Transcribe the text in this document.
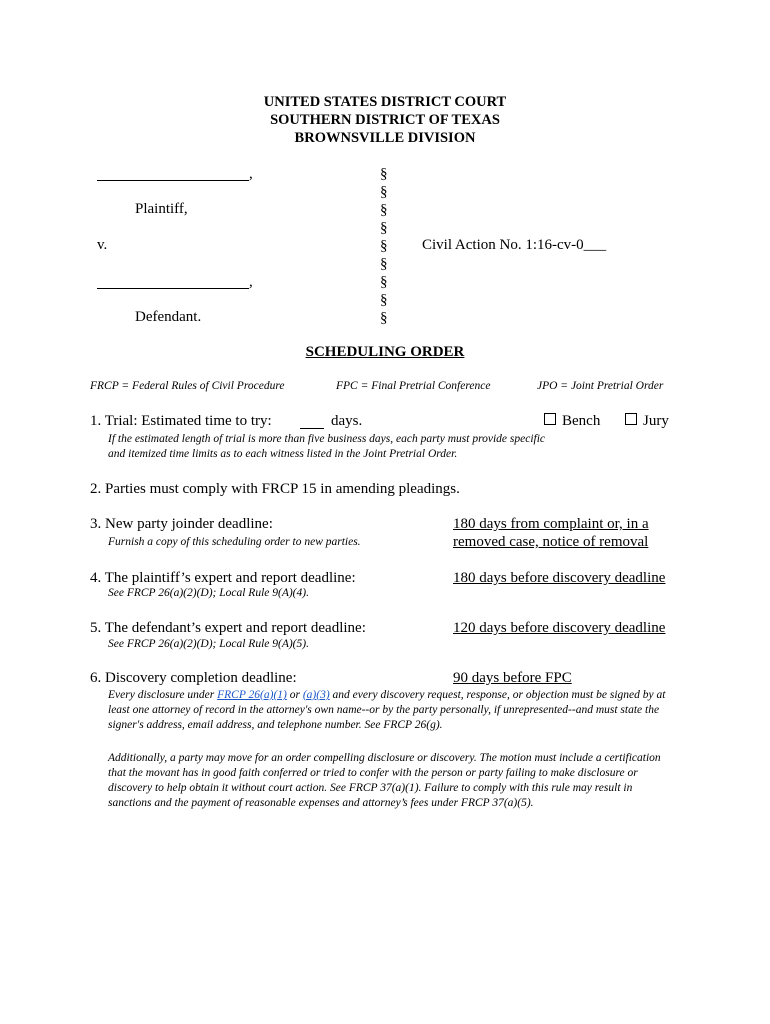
UNITED STATES DISTRICT COURT
SOUTHERN DISTRICT OF TEXAS
BROWNSVILLE DIVISION
,
Plaintiff,
v.
,
Defendant.
§
§
§
§
§
§
§
§
§
Civil Action No. 1:16-cv-0___
SCHEDULING ORDER
FRCP = Federal Rules of Civil Procedure	FPC = Final Pretrial Conference	JPO = Joint Pretrial Order
1. Trial: Estimated time to try:	days.	Bench	Jury
If the estimated length of trial is more than five business days, each party must provide specific
and itemized time limits as to each witness listed in the Joint Pretrial Order.
2. Parties must comply with FRCP 15 in amending pleadings.
3. New party joinder deadline:
Furnish a copy of this scheduling order to new parties.
180 days from complaint or, in a
removed case, notice of removal
4. The plaintiff’s expert and report deadline:
See FRCP 26(a)(2)(D); Local Rule 9(A)(4).
180 days before discovery deadline
5. The defendant’s expert and report deadline:
See FRCP 26(a)(2)(D); Local Rule 9(A)(5).
120 days before discovery deadline
6. Discovery completion deadline:	90 days before FPC
Every disclosure under FRCP 26(a)(1) or (a)(3) and every discovery request, response, or objection must be signed by at least one attorney of record in the attorney's own name--or by the party personally, if unrepresented--and must state the signer's address, email address, and telephone number. See FRCP 26(g).
Additionally, a party may move for an order compelling disclosure or discovery. The motion must include a certification that the movant has in good faith conferred or tried to confer with the person or party failing to make disclosure or discovery to help obtain it without court action. See FRCP 37(a)(1). Failure to comply with this rule may result in sanctions and the payment of reasonable expenses and attorney’s fees under FRCP 37(a)(5).
